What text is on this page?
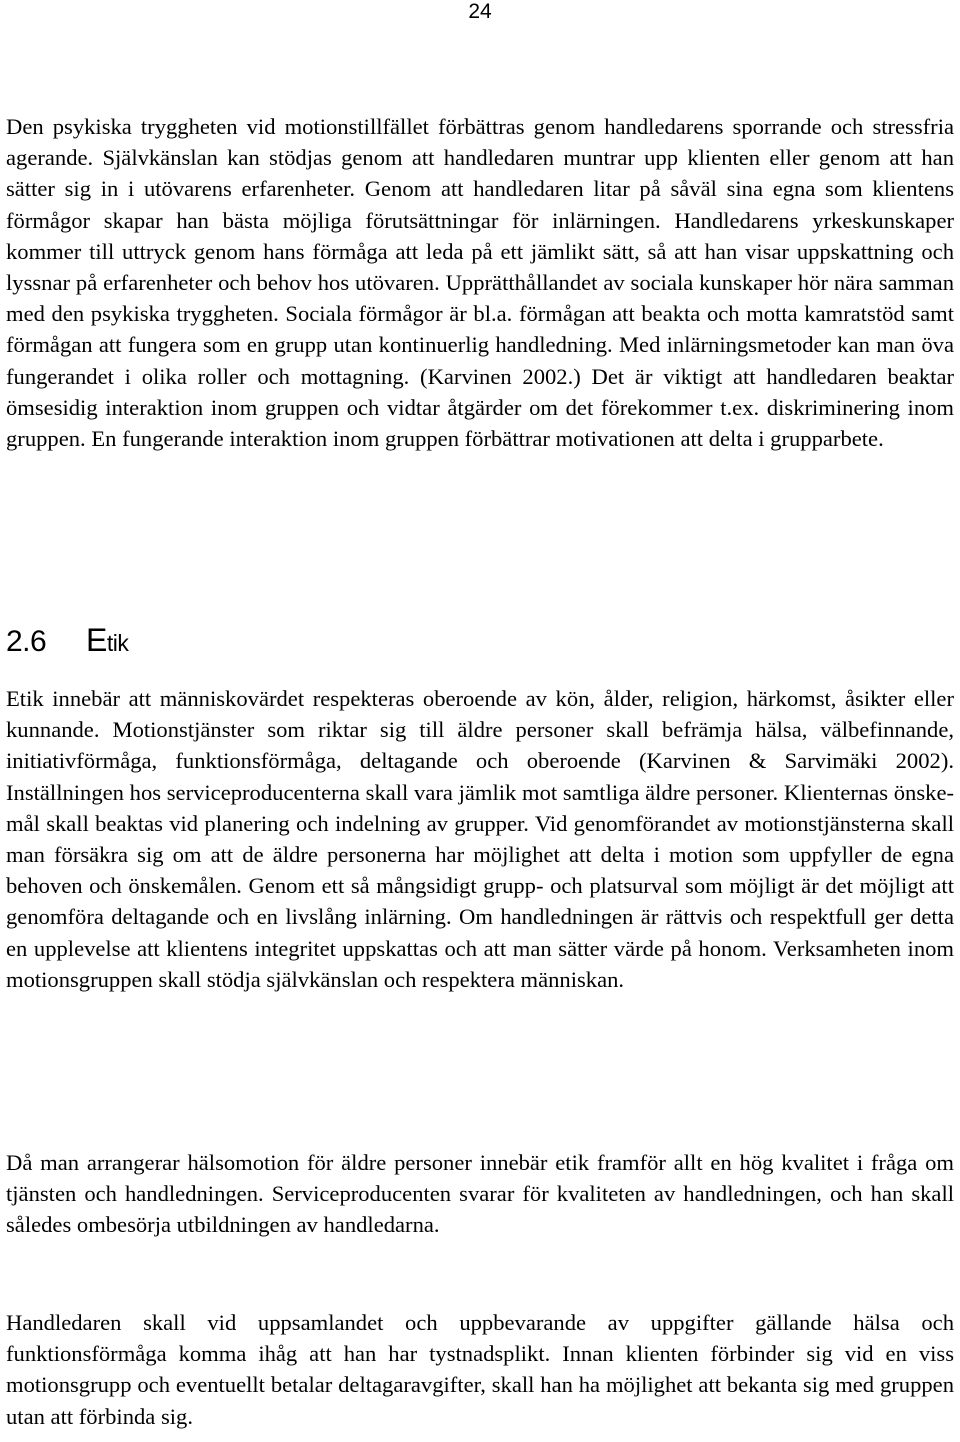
24

Den psykiska tryggheten vid motionstillfället förbättras genom handledarens sporrande och stressfria agerande. Självkänslan kan stödjas genom att handledaren muntrar upp klienten eller genom att han sätter sig in i utövarens erfarenheter. Genom att handledaren litar på såväl sina egna som klientens förmågor skapar han bästa möjliga förutsättningar för inlärningen. Handledarens yrkeskunskaper kommer till uttryck genom hans förmåga att leda på ett jämlikt sätt, så att han visar uppskattning och lyssnar på erfarenheter och behov hos utövaren. Upprätthållandet av sociala kunskaper hör nära samman med den psykiska tryggheten. Sociala förmågor är bl.a. förmågan att beakta och motta kamratstöd samt förmågan att fungera som en grupp utan kontinuerlig handledning. Med inlärningsmetoder kan man öva fungerandet i olika roller och mottagning. (Karvinen 2002.) Det är viktigt att handledaren beaktar ömsesidig interaktion inom gruppen och vidtar åtgärder om det förekommer t.ex. diskriminering inom gruppen. En fungerande interaktion inom gruppen förbättrar motivationen att delta i grupparbete.

2.6 Etik

Etik innebär att människovärdet respekteras oberoende av kön, ålder, religion, härkomst, åsikter eller kunnande. Motionstjänster som riktar sig till äldre personer skall befrämja hälsa, välbefinnande, initiativförmåga, funktionsförmåga, deltagande och oberoende (Karvinen & Sarvimäki 2002). Inställningen hos serviceproducenterna skall vara jämlik mot samtliga äldre personer. Klienternas önskemål skall beaktas vid planering och indelning av grupper. Vid genomförandet av motionstjänsterna skall man försäkra sig om att de äldre personerna har möjlighet att delta i motion som uppfyller de egna behoven och önskemålen. Genom ett så mångsidigt grupp- och platsurval som möjligt är det möjligt att genomföra deltagande och en livslång inlärning. Om handledningen är rättvis och respektfull ger detta en upplevelse att klientens integritet uppskattas och att man sätter värde på honom. Verksamheten inom motionsgruppen skall stödja självkänslan och respektera människan.

Då man arrangerar hälsomotion för äldre personer innebär etik framför allt en hög kvalitet i fråga om tjänsten och handledningen. Serviceproducenten svarar för kvaliteten av handledningen, och han skall således ombesörja utbildningen av handledarna.

Handledaren skall vid uppsamlandet och uppbevarande av uppgifter gällande hälsa och funktionsförmåga komma ihåg att han har tystnadsplikt. Innan klienten förbinder sig vid en viss motionsgrupp och eventuellt betalar deltagaravgifter, skall han ha möjlighet att bekanta sig med gruppen utan att förbinda sig.
